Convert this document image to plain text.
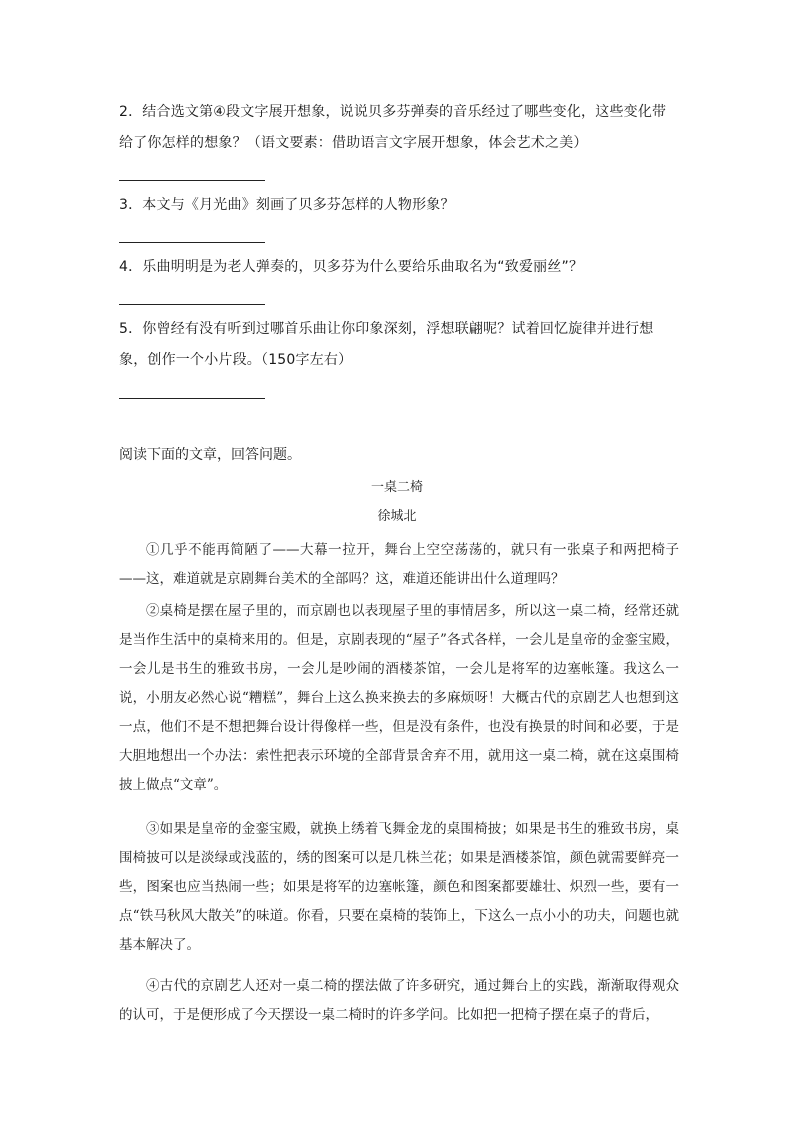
2．结合选文第④段文字展开想象，说说贝多芬弹奏的音乐经过了哪些变化，这些变化带给了你怎样的想象？（语文要素：借助语言文字展开想象，体会艺术之美）
3．本文与《月光曲》刻画了贝多芬怎样的人物形象？
4．乐曲明明是为老人弹奏的，贝多芬为什么要给乐曲取名为“致爱丽丝”？
5．你曾经有没有听到过哪首乐曲让你印象深刻，浮想联翩呢？试着回忆旋律并进行想象，创作一个小片段。（150字左右）
阅读下面的文章，回答问题。
一桌二椅
徐城北
①几乎不能再简陋了——大幕一拉开，舞台上空空荡荡的，就只有一张桌子和两把椅子——这，难道就是京剧舞台美术的全部吗？这，难道还能讲出什么道理吗？
②桌椅是摆在屋子里的，而京剧也以表现屋子里的事情居多，所以这一桌二椅，经常还就是当作生活中的桌椅来用的。但是，京剧表现的“屋子”各式各样，一会儿是皇帝的金銮宝殿，一会儿是书生的雅致书房，一会儿是吵闹的酒楼茶馆，一会儿是将军的边塞帐篷。我这么一说，小朋友必然心说“糟糕”，舞台上这么换来换去的多麻烦呀！大概古代的京剧艺人也想到这一点，他们不是不想把舞台设计得像样一些，但是没有条件，也没有换景的时间和必要，于是大胆地想出一个办法：索性把表示环境的全部背景舍弃不用，就用这一桌二椅，就在这桌围椅披上做点“文章”。
③如果是皇帝的金銮宝殿，就换上绣着飞舞金龙的桌围椅披；如果是书生的雅致书房，桌围椅披可以是淡绿或浅蓝的，绣的图案可以是几株兰花；如果是酒楼茶馆，颜色就需要鲜亮一些，图案也应当热闹一些；如果是将军的边塞帐篷，颜色和图案都要雄壮、炽烈一些，要有一点“铁马秋风大散关”的味道。你看，只要在桌椅的装饰上，下这么一点小小的功夫，问题也就基本解决了。
④古代的京剧艺人还对一桌二椅的摆法做了许多研究，通过舞台上的实践，渐渐取得观众的认可，于是便形成了今天摆设一桌二椅时的许多学问。比如把一把椅子摆在桌子的背后，
